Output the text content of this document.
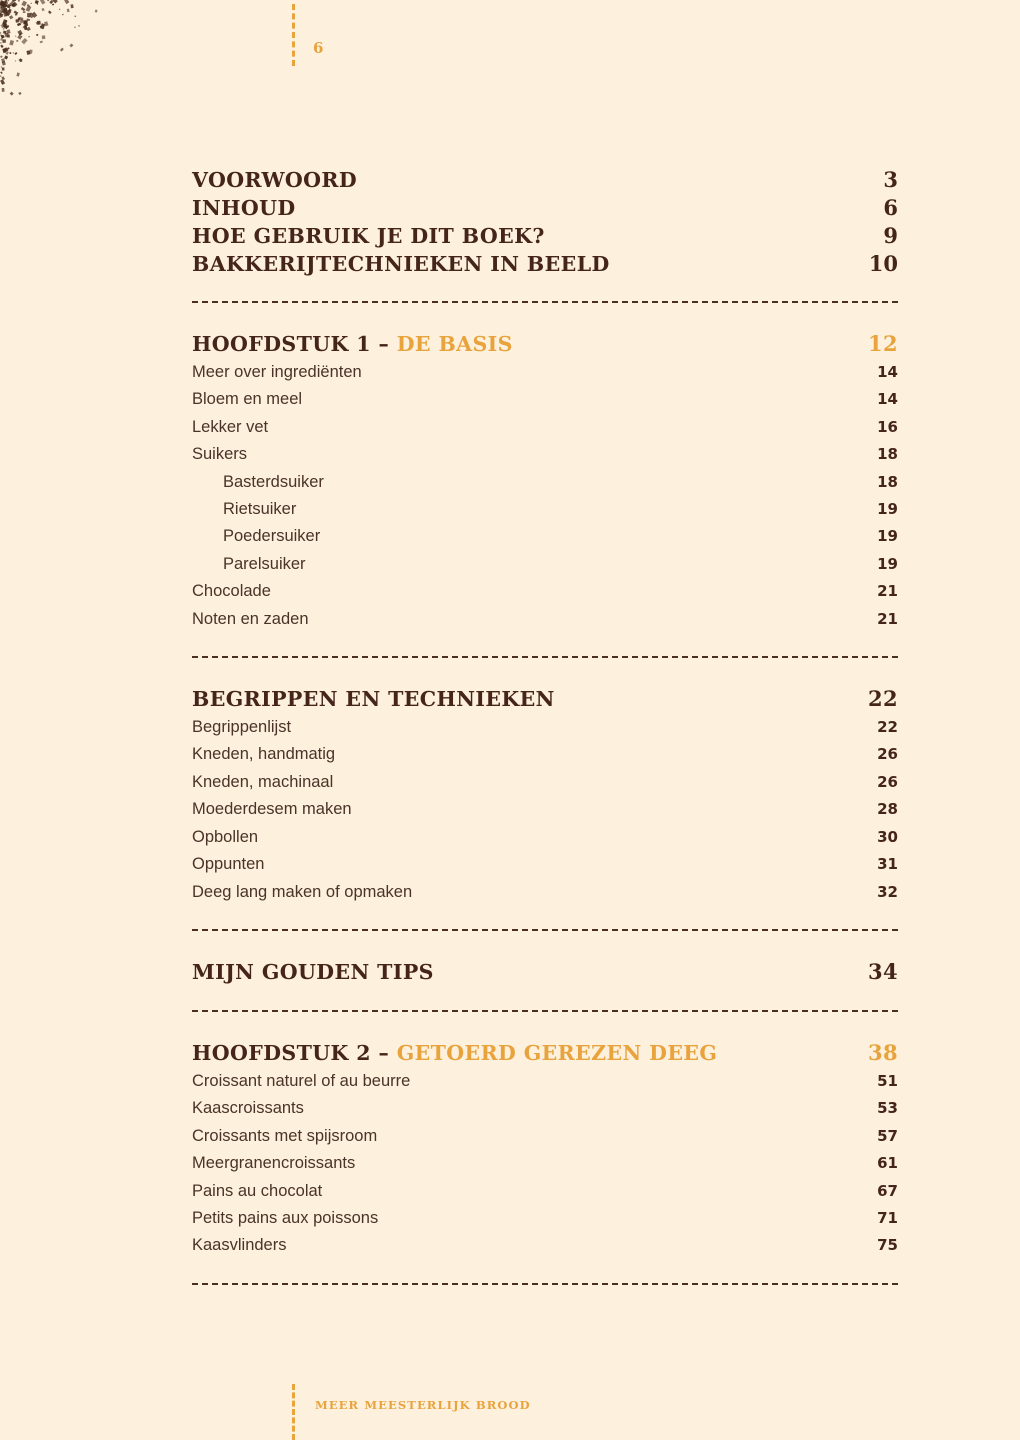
6
VOORWOORD	3
INHOUD	6
HOE GEBRUIK JE DIT BOEK?	9
BAKKERIJTECHNIEKEN IN BEELD	10
HOOFDSTUK 1 – DE BASIS	12
Meer over ingrediënten	14
Bloem en meel	14
Lekker vet	16
Suikers	18
Basterdsuiker	18
Rietsuiker	19
Poedersuiker	19
Parelsuiker	19
Chocolade	21
Noten en zaden	21
BEGRIPPEN EN TECHNIEKEN	22
Begrippenlijst	22
Kneden, handmatig	26
Kneden, machinaal	26
Moederdesem maken	28
Opbollen	30
Oppunten	31
Deeg lang maken of opmaken	32
MIJN GOUDEN TIPS	34
HOOFDSTUK 2 – GETOERD GEREZEN DEEG	38
Croissant naturel of au beurre	51
Kaascroissants	53
Croissants met spijsroom	57
Meergranencroissants	61
Pains au chocolat	67
Petits pains aux poissons	71
Kaasvlinders	75
MEER MEESTERLIJK BROOD
